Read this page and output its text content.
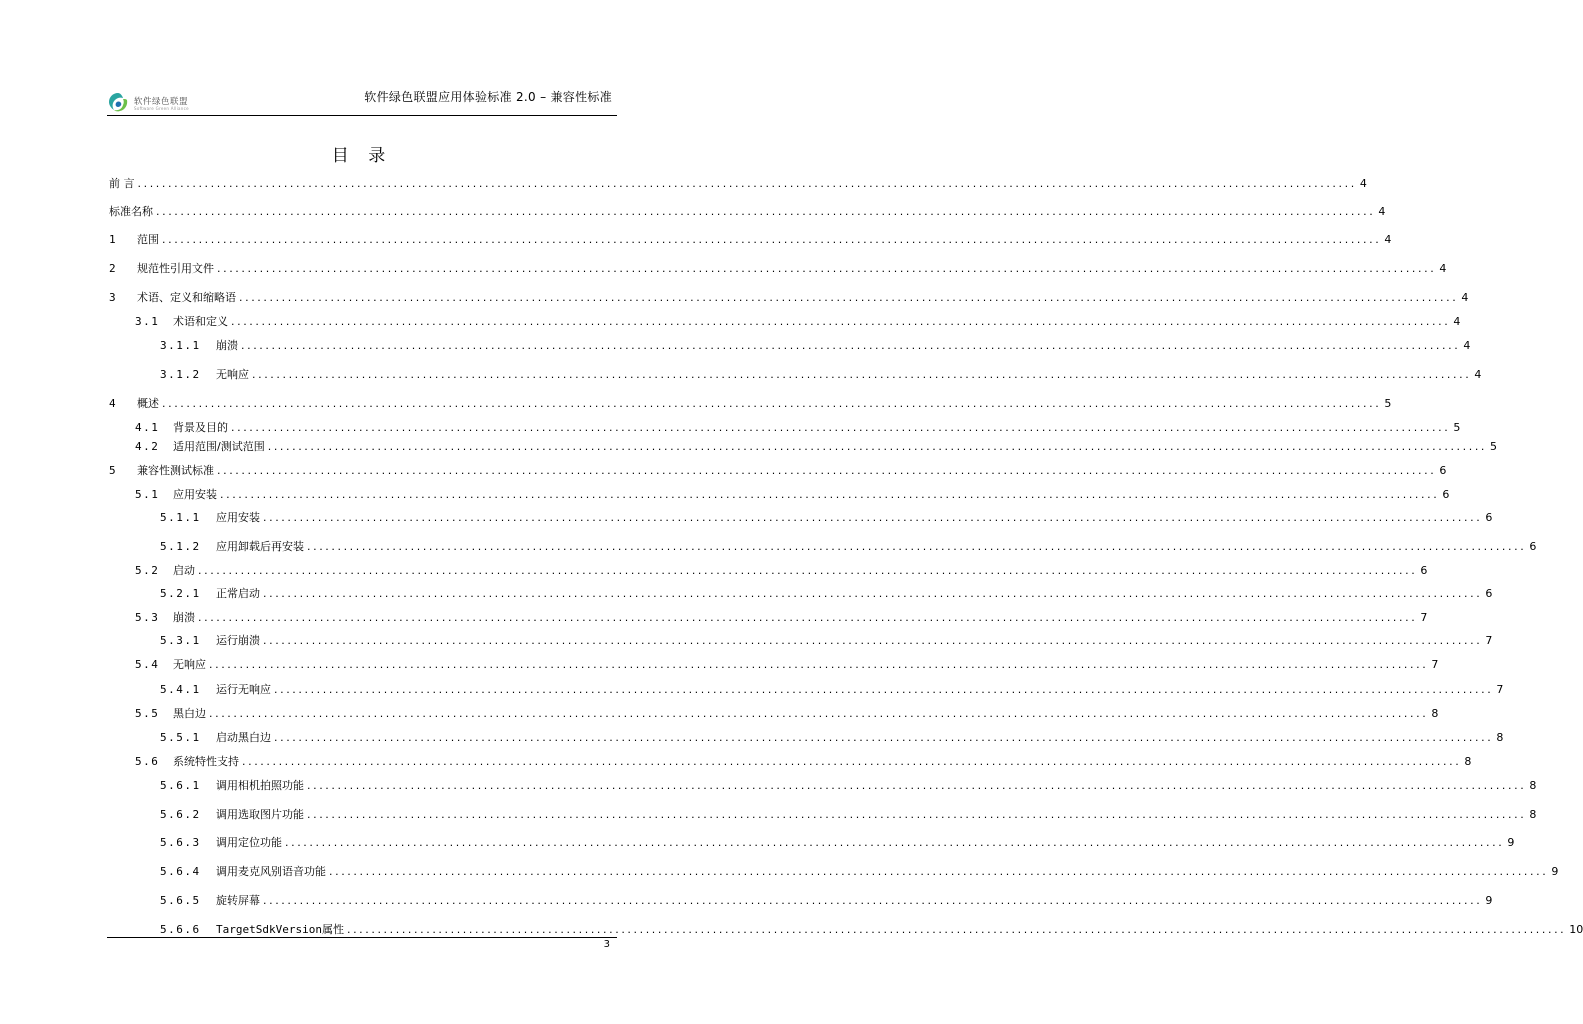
软件绿色联盟
Software Green Alliance
软件绿色联盟应用体验标准 2.0 – 兼容性标准
目 录
前 言 ........................................................................................................................................................................................................ 4
标准名称 ........................................................................................................................................................................................................ 4
1	范围 ........................................................................................................................................................................................................ 4
2	规范性引用文件 ........................................................................................................................................................................................................ 4
3	术语、定义和缩略语 ........................................................................................................................................................................................................ 4
3.1	术语和定义 ........................................................................................................................................................................................................ 4
3.1.1	崩溃 ........................................................................................................................................................................................................ 4
3.1.2	无响应 ........................................................................................................................................................................................................ 4
4	概述 ........................................................................................................................................................................................................ 5
4.1	背景及目的 ........................................................................................................................................................................................................ 5
4.2	适用范围/测试范围 ........................................................................................................................................................................................................ 5
5	兼容性测试标准 ........................................................................................................................................................................................................ 6
5.1	应用安装 ........................................................................................................................................................................................................ 6
5.1.1	应用安装 ........................................................................................................................................................................................................ 6
5.1.2	应用卸载后再安装 ........................................................................................................................................................................................................ 6
5.2	启动 ........................................................................................................................................................................................................ 6
5.2.1	正常启动 ........................................................................................................................................................................................................ 6
5.3	崩溃 ........................................................................................................................................................................................................ 7
5.3.1	运行崩溃 ........................................................................................................................................................................................................ 7
5.4	无响应 ........................................................................................................................................................................................................ 7
5.4.1	运行无响应 ........................................................................................................................................................................................................ 7
5.5	黑白边 ........................................................................................................................................................................................................ 8
5.5.1	启动黑白边 ........................................................................................................................................................................................................ 8
5.6	系统特性支持 ........................................................................................................................................................................................................ 8
5.6.1	调用相机拍照功能 ........................................................................................................................................................................................................ 8
5.6.2	调用选取图片功能 ........................................................................................................................................................................................................ 8
5.6.3	调用定位功能 ........................................................................................................................................................................................................ 9
5.6.4	调用麦克风别语音功能 ........................................................................................................................................................................................................ 9
5.6.5	旋转屏幕 ........................................................................................................................................................................................................ 9
5.6.6	TargetSdkVersion属性 ........................................................................................................................................................................................................ 10
3
